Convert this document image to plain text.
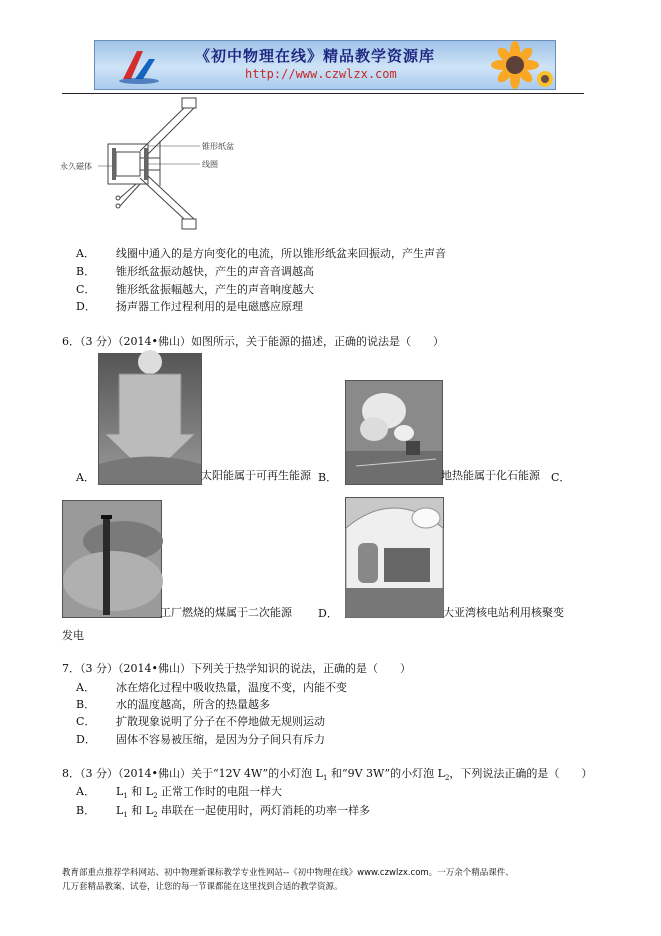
《初中物理在线》精品教学资源库
http://www.czwlzx.com
锥形纸盆
线圈
永久磁体
A． 线圈中通入的是方向变化的电流，所以锥形纸盆来回振动，产生声音
B． 锥形纸盆振动越快，产生的声音音调越高
C． 锥形纸盆振幅越大，产生的声音响度越大
D． 扬声器工作过程利用的是电磁感应原理
6．（3 分）（2014•佛山）如图所示，关于能源的描述，正确的说法是（　　）
A．	太阳能属于可再生能源 B．	地热能属于化石能源 C．
工厂燃烧的煤属于二次能源 D．	大亚湾核电站利用核聚变
发电
7．（3 分）（2014•佛山）下列关于热学知识的说法，正确的是（　　）
A． 冰在熔化过程中吸收热量，温度不变，内能不变
B． 水的温度越高，所含的热量越多
C． 扩散现象说明了分子在不停地做无规则运动
D． 固体不容易被压缩，是因为分子间只有斥力
8．（3 分）（2014•佛山）关于“12V 4W”的小灯泡 $L_1$ 和“9V 3W”的小灯泡 $L_2$，下列说法正确的是（　　）
A． $L_1$ 和 $L_2$ 正常工作时的电阻一样大
B． $L_1$ 和 $L_2$ 串联在一起使用时，两灯消耗的功率一样多
教育部重点推荐学科网站、初中物理新课标教学专业性网站--《初中物理在线》www.czwlzx.com。一万余个精品课件、
几万套精品教案、试卷，让您的每一节课都能在这里找到合适的教学资源。
